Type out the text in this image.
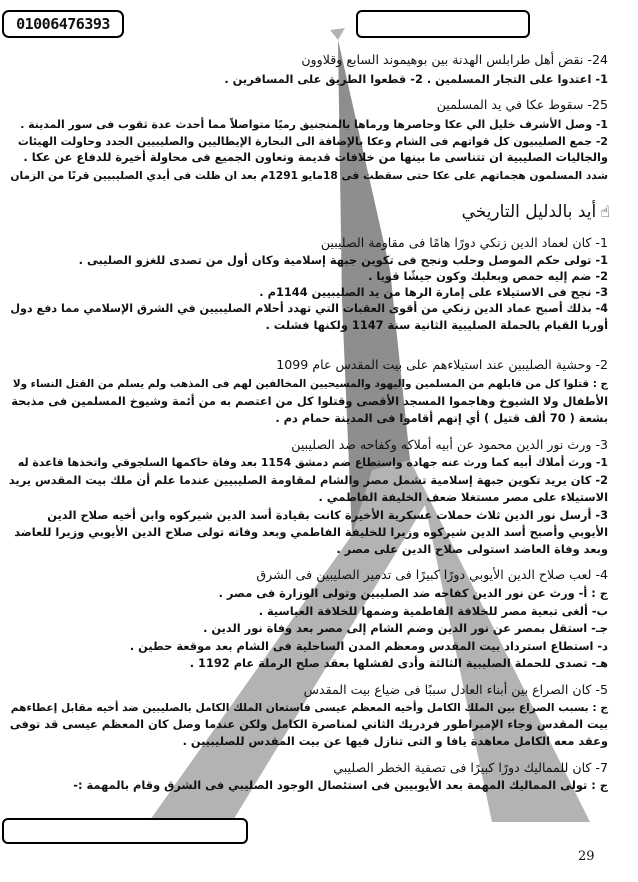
01006476393
24- نقض أهل طرابلس الهدنة بين بوهيموند السابع وقلاوون
1- اعتدوا على التجار المسلمين . 2- قطعوا الطريق على المسافرين .
25- سقوط عكا في يد المسلمين
1- وصل الأشرف خليل الي عكا وحاصرها ورماها بالمنجنيق رميًا متواصلاً مما أحدث عدة ثقوب فى سور المدينة .
2- جمع الصليبيون كل قواتهم فى الشام وعكا بالإضافة الى البحارة الإيطاليين والصليبيين الجدد وحاولت الهيئات
والجاليات الصليبية ان تتناسى ما بينها من خلافات قديمة وتعاون الجميع فى محاولة أخيرة للدفاع عن عكا .
شدد المسلمون هجماتهم على عكا حتى سقطت فى 18مايو 1291م بعد ان ظلت فى أيدي الصليبيين قرنًا من الزمان
☝أيد بالدليل التاريخي
1- كان لعماد الدين زنكي دورًا هامًا فى مقاومة الصليبين
1- تولى حكم الموصل وحلب ونجح فى تكوين جبهة إسلامية وكان أول من تصدى للغزو الصليبى .
2- ضم إليه حمص وبعلبك وكون جيشًا قويا .
3- نجح فى الاستيلاء على إمارة الرها من يد الصليبيين 1144م .
4- بذلك أصبح عماد الدين زنكي من أقوى العقبات التي تهدد أحلام الصليبيين في الشرق الإسلامي مما دفع دول
أوربا القيام بالحملة الصليبية الثانية سنة 1147 ولكنها فشلت .
2- وحشية الصليبين عند استيلاءهم على بيت المقدس عام 1099
ج : قتلوا كل من قابلهم من المسلمين واليهود والمسيحيين المخالفين لهم فى المذهب ولم يسلم من القتل النساء ولا
الأطفال ولا الشيوخ وهاجموا المسجد الأقصى وقتلوا كل من اعتصم به من أئمة وشيوخ المسلمين فى مذبحة
بشعة ( 70 ألف قتيل ) أي إنهم أقاموا فى المدينة حمام دم .
3- ورث نور الدين محمود عن أبيه أملاكه وكفاحه ضد الصليبين
1- ورث أملاك أبيه كما ورث عنه جهاده واستطاع ضم دمشق 1154 بعد وفاة حاكمها السلجوقي واتخذها قاعدة له
2- كان يريد تكوين جبهة إسلامية تشمل مصر والشام لمقاومة الصليبيين عندما علم أن ملك بيت المقدس يريد
الاستيلاء على مصر مستغلا ضعف الخليفة الفاطمي .
3- أرسل نور الدين ثلاث حملات عسكرية الأخيرة كانت بقيادة أسد الدين شيركوه وابن أخيه صلاح الدين
الأيوبي وأصبح أسد الدين شيركوه وزيرا للخليفة الفاطمي وبعد وفاته تولى صلاح الدين الأيوبي وزيرا للعاضد
وبعد وفاة العاضد استولى صلاح الدين على مصر .
4- لعب صلاح الدين الأيوبي دورًا كبيرًا فى تدمير الصليبين فى الشرق
ج : أ- ورث عن نور الدين كفاحه ضد الصليبين وتولى الوزارة فى مصر .
ب- ألغى تبعية مصر للخلافة الفاطمية وضمها للخلافة العباسية .
جـ- استقل بمصر عن نور الدين وضم الشام إلى مصر بعد وفاة نور الدين .
د- استطاع استرداد بيت المقدس ومعظم المدن الساحلية فى الشام بعد موقعة حطين .
هـ- تصدى للحملة الصليبية الثالثة وأدى لفشلها بعقد صلح الرملة عام 1192 .
5- كان الصراع بين أبناء العادل سببًا فى ضياع بيت المقدس
ج : بسبب الصراع بين الملك الكامل وأخيه المعظم عيسى فاستعان الملك الكامل بالصليبين ضد أخيه مقابل إعطاءهم
بيت المقدس وجاء الإمبراطور فردريك الثاني لمناصرة الكامل ولكن عندما وصل كان المعظم عيسى قد توفى
وعقد معه الكامل معاهدة يافا و التى تنازل فيها عن بيت المقدس للصليبيين .
7- كان للمماليك دورًا كبيرًا فى تصفية الخطر الصليبي
ج : تولى المماليك المهمة بعد الأيوبيين فى استئصال الوجود الصليبي فى الشرق وقام بالمهمة :-
29
